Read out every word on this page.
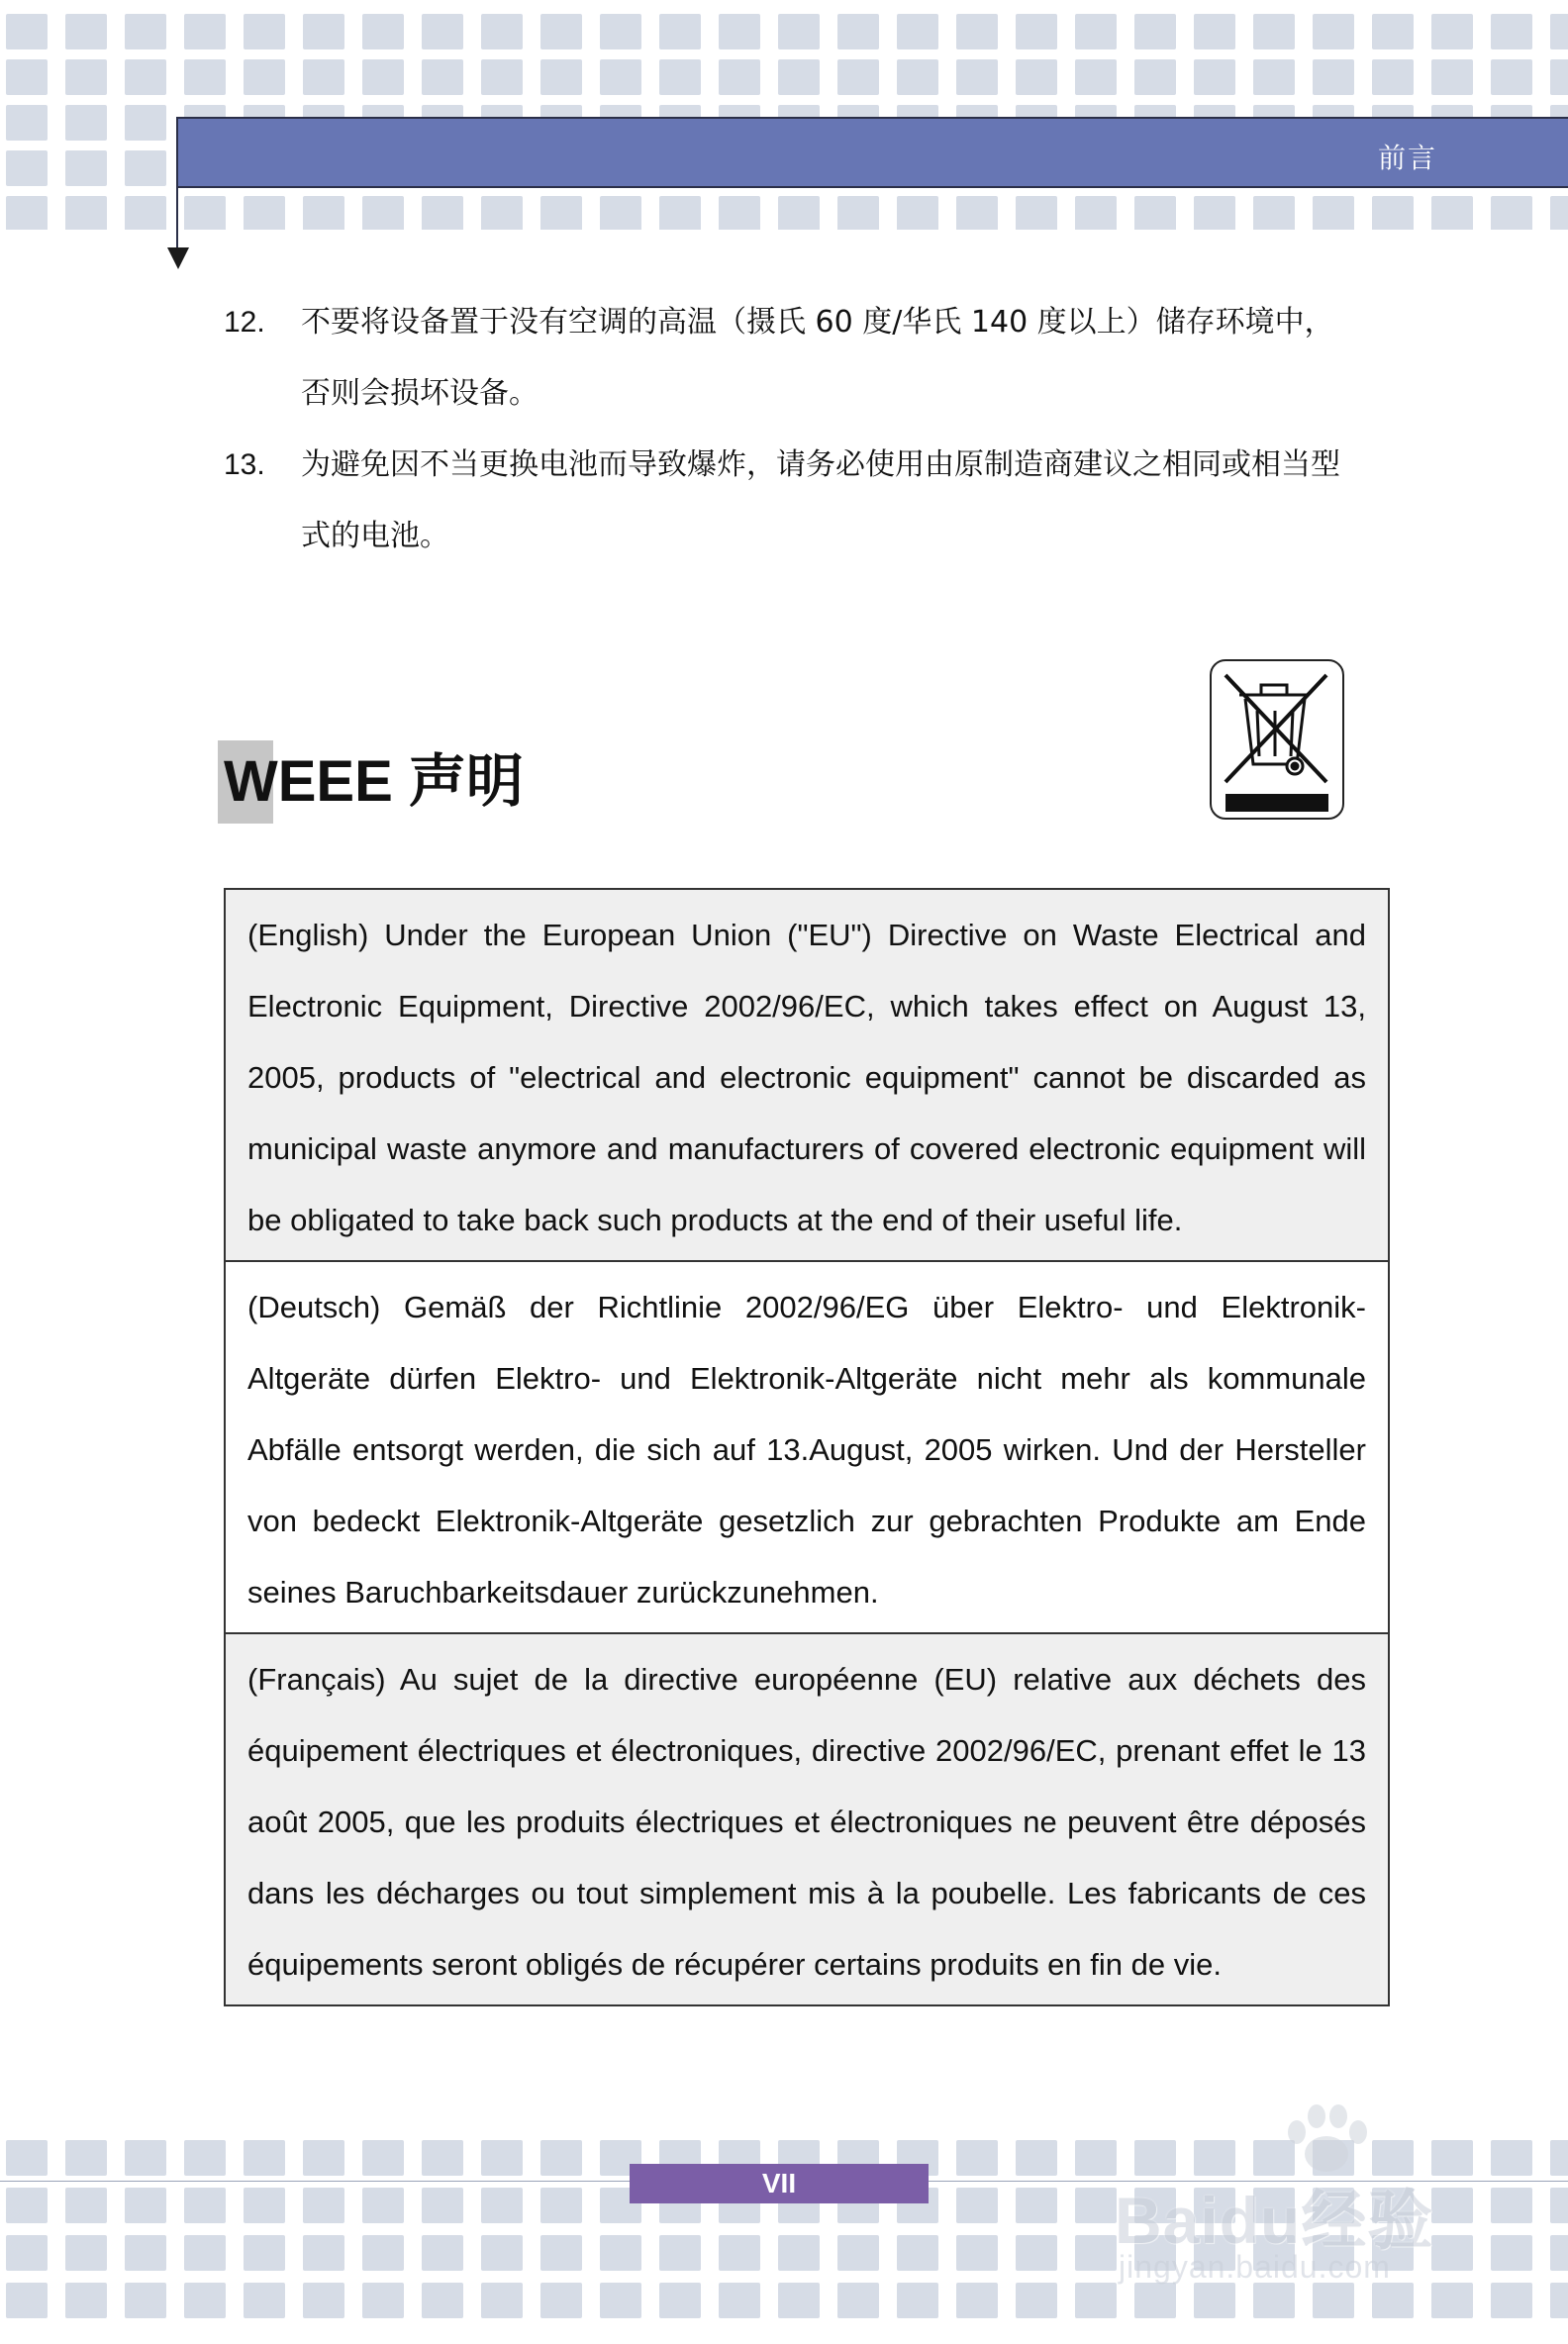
前言
12. 不要将设备置于没有空调的高温（摄氏 60 度/华氏 140 度以上）储存环境中，否则会损坏设备。
13. 为避免因不当更换电池而导致爆炸，请务必使用由原制造商建议之相同或相当型式的电池。
WEEE 声明
(English) Under the European Union ("EU") Directive on Waste Electrical and Electronic Equipment, Directive 2002/96/EC, which takes effect on August 13, 2005, products of "electrical and electronic equipment" cannot be discarded as municipal waste anymore and manufacturers of covered electronic equipment will be obligated to take back such products at the end of their useful life.
(Deutsch) Gemäß der Richtlinie 2002/96/EG über Elektro- und Elektronik-Altgeräte dürfen Elektro- und Elektronik-Altgeräte nicht mehr als kommunale Abfälle entsorgt werden, die sich auf 13.August, 2005 wirken. Und der Hersteller von bedeckt Elektronik-Altgeräte gesetzlich zur gebrachten Produkte am Ende seines Baruchbarkeitsdauer zurückzunehmen.
(Français) Au sujet de la directive européenne (EU) relative aux déchets des équipement électriques et électroniques, directive 2002/96/EC, prenant effet le 13 août 2005, que les produits électriques et électroniques ne peuvent être déposés dans les décharges ou tout simplement mis à la poubelle. Les fabricants de ces équipements seront obligés de récupérer certains produits en fin de vie.
VII
Baidu经验
jingyan.baidu.com
